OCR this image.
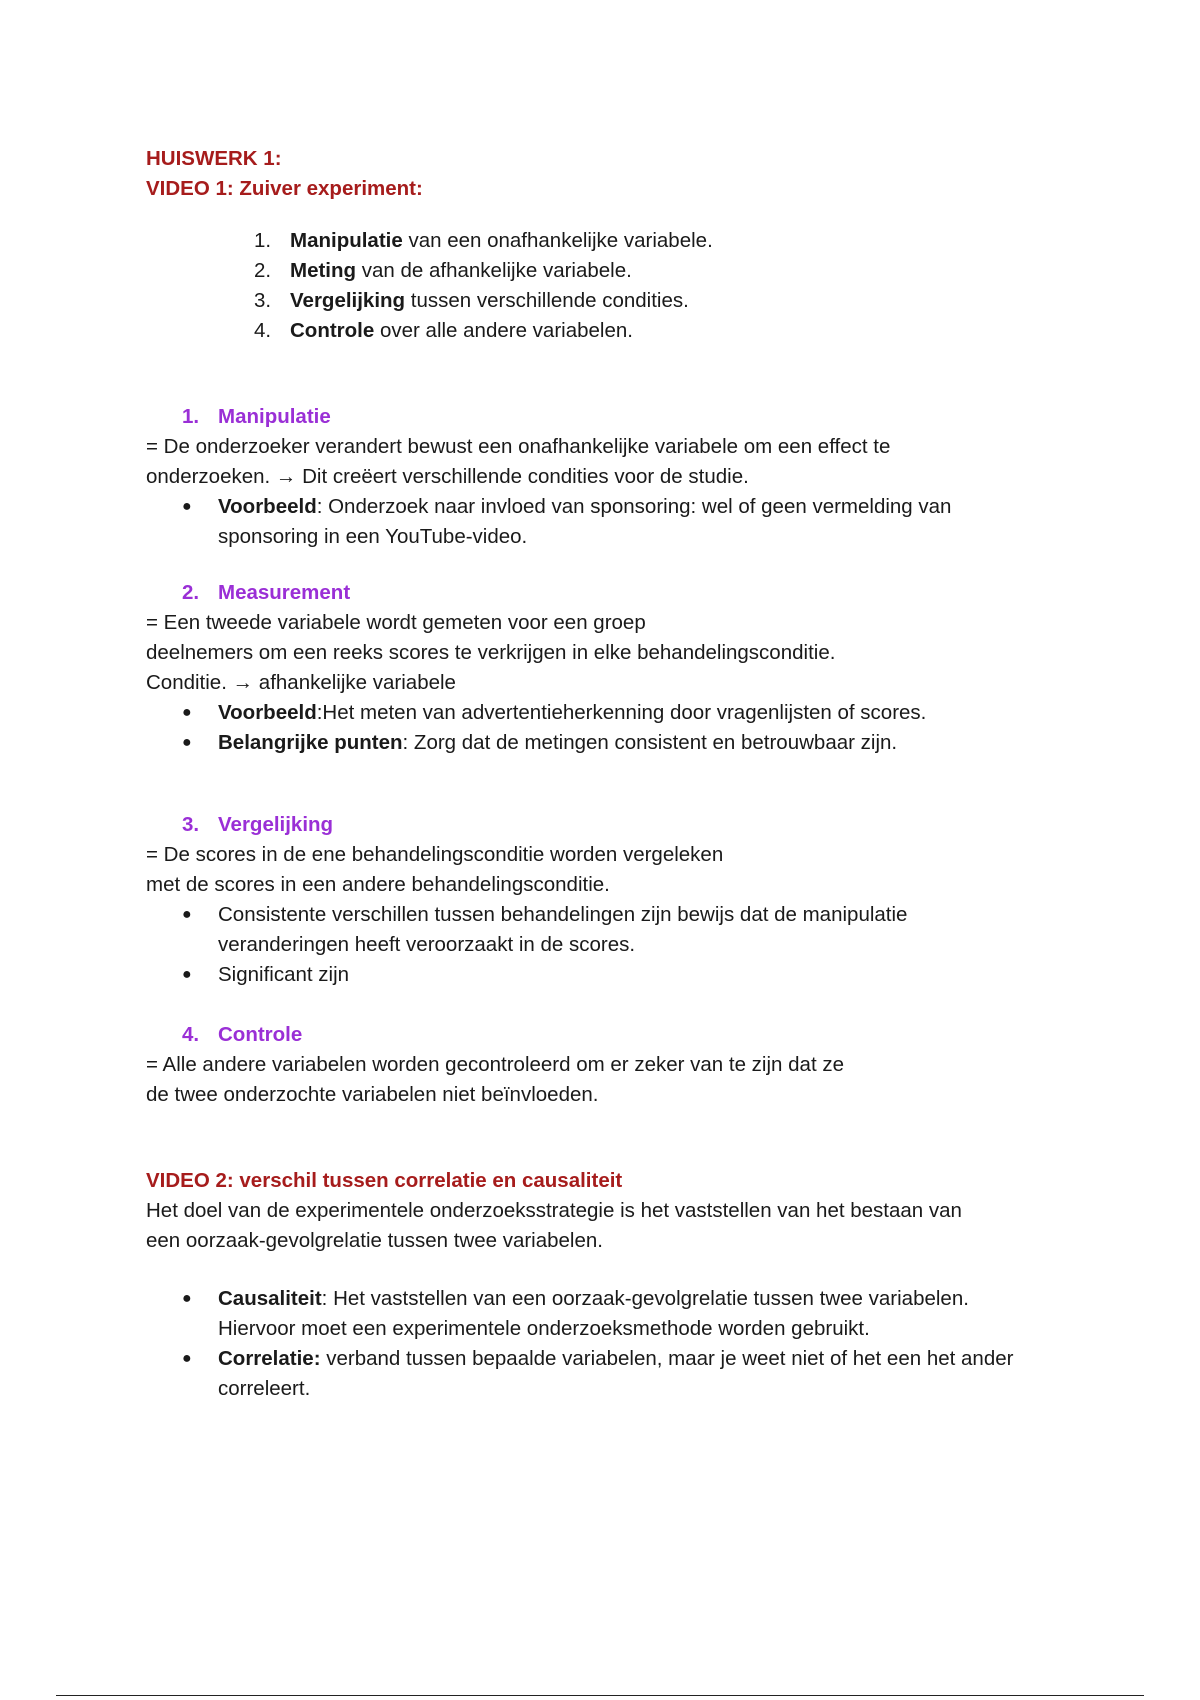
HUISWERK 1:
VIDEO 1: Zuiver experiment:
1. Manipulatie van een onafhankelijke variabele.
2. Meting van de afhankelijke variabele.
3. Vergelijking tussen verschillende condities.
4. Controle over alle andere variabelen.
1. Manipulatie
= De onderzoeker verandert bewust een onafhankelijke variabele om een effect te
onderzoeken. → Dit creëert verschillende condities voor de studie.
● Voorbeeld: Onderzoek naar invloed van sponsoring: wel of geen vermelding van
sponsoring in een YouTube-video.
2. Measurement
= Een tweede variabele wordt gemeten voor een groep
deelnemers om een reeks scores te verkrijgen in elke behandelingsconditie.
Conditie. → afhankelijke variabele
● Voorbeeld:Het meten van advertentieherkenning door vragenlijsten of scores.
● Belangrijke punten: Zorg dat de metingen consistent en betrouwbaar zijn.
3. Vergelijking
= De scores in de ene behandelingsconditie worden vergeleken
met de scores in een andere behandelingsconditie.
● Consistente verschillen tussen behandelingen zijn bewijs dat de manipulatie
veranderingen heeft veroorzaakt in de scores.
● Significant zijn
4. Controle
= Alle andere variabelen worden gecontroleerd om er zeker van te zijn dat ze
de twee onderzochte variabelen niet beïnvloeden.
VIDEO 2: verschil tussen correlatie en causaliteit
Het doel van de experimentele onderzoeksstrategie is het vaststellen van het bestaan van
een oorzaak-gevolgrelatie tussen twee variabelen.
● Causaliteit: Het vaststellen van een oorzaak-gevolgrelatie tussen twee variabelen.
Hiervoor moet een experimentele onderzoeksmethode worden gebruikt.
● Correlatie: verband tussen bepaalde variabelen, maar je weet niet of het een het ander
correleert.
